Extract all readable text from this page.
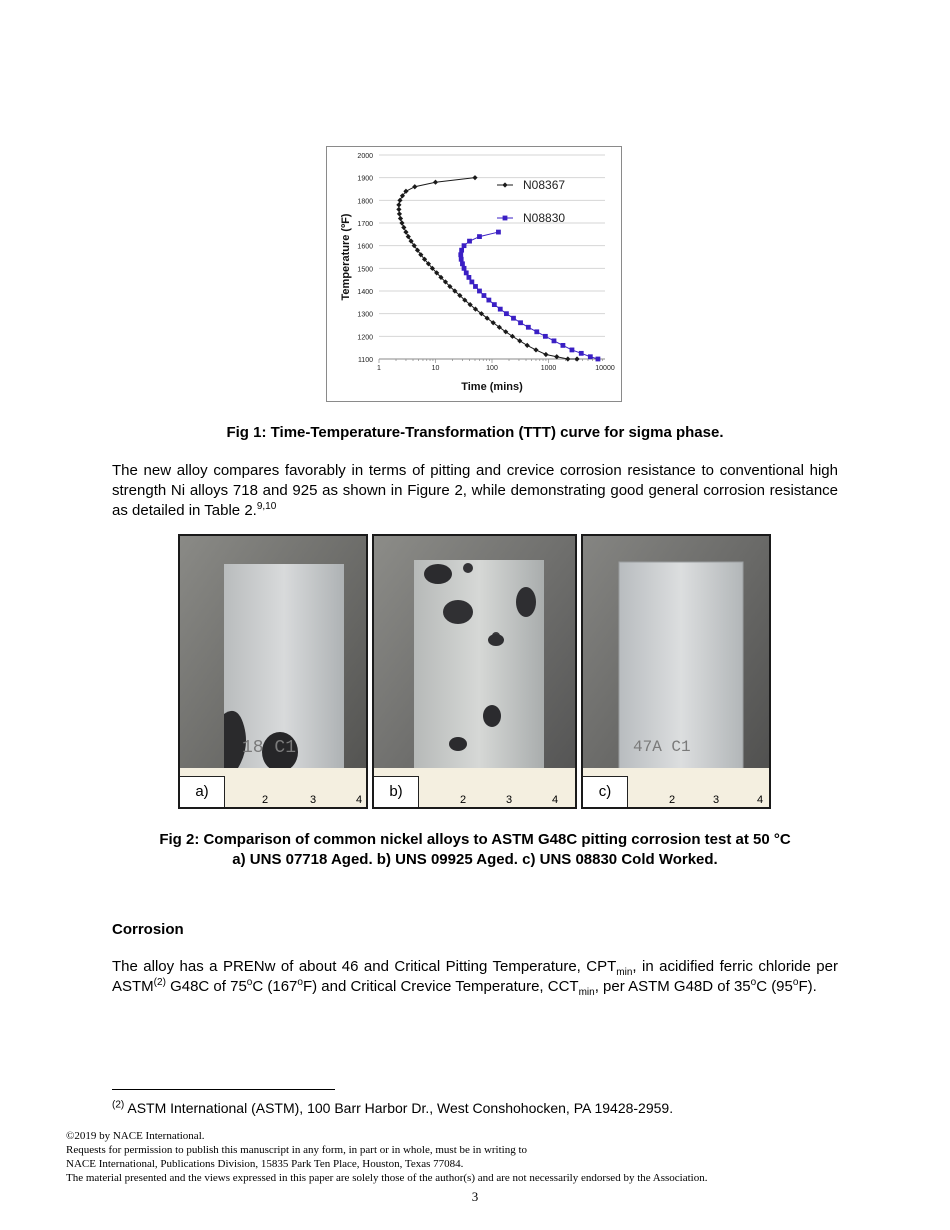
1100
1200
1300
1400
1500
1600
1700
1800
1900
2000
1	10	100	1000	10000
Time (mins)
Temperature (ºF)
N08367
N08830
Fig 1: Time-Temperature-Transformation (TTT) curve for sigma phase.
The new alloy compares favorably in terms of pitting and crevice corrosion resistance to conventional high strength Ni alloys 718 and 925 as shown in Figure 2, while demonstrating good general corrosion resistance as detailed in Table 2.$^{9,10}$
18 C1
2	3	4
a)	2	3	4
b)
47A C1
2	3	4
c)
Fig 2: Comparison of common nickel alloys to ASTM G48C pitting corrosion test at 50 °C
a) UNS 07718 Aged. b) UNS 09925 Aged. c) UNS 08830 Cold Worked.
Corrosion
The alloy has a PRENw of about 46 and Critical Pitting Temperature, $CPT_{min}$, in acidified ferric chloride per ASTM$^{(2)}$ G48C of 75$^o$C (167$^o$F) and Critical Crevice Temperature, $CCT_{min}$, per ASTM G48D of 35$^o$C (95$^o$F).
$^{(2)}$ ASTM International (ASTM), 100 Barr Harbor Dr., West Conshohocken, PA 19428-2959.
©2019 by NACE International.
Requests for permission to publish this manuscript in any form, in part or in whole, must be in writing to
NACE International, Publications Division, 15835 Park Ten Place, Houston, Texas 77084.
The material presented and the views expressed in this paper are solely those of the author(s) and are not necessarily endorsed by the Association.
3
